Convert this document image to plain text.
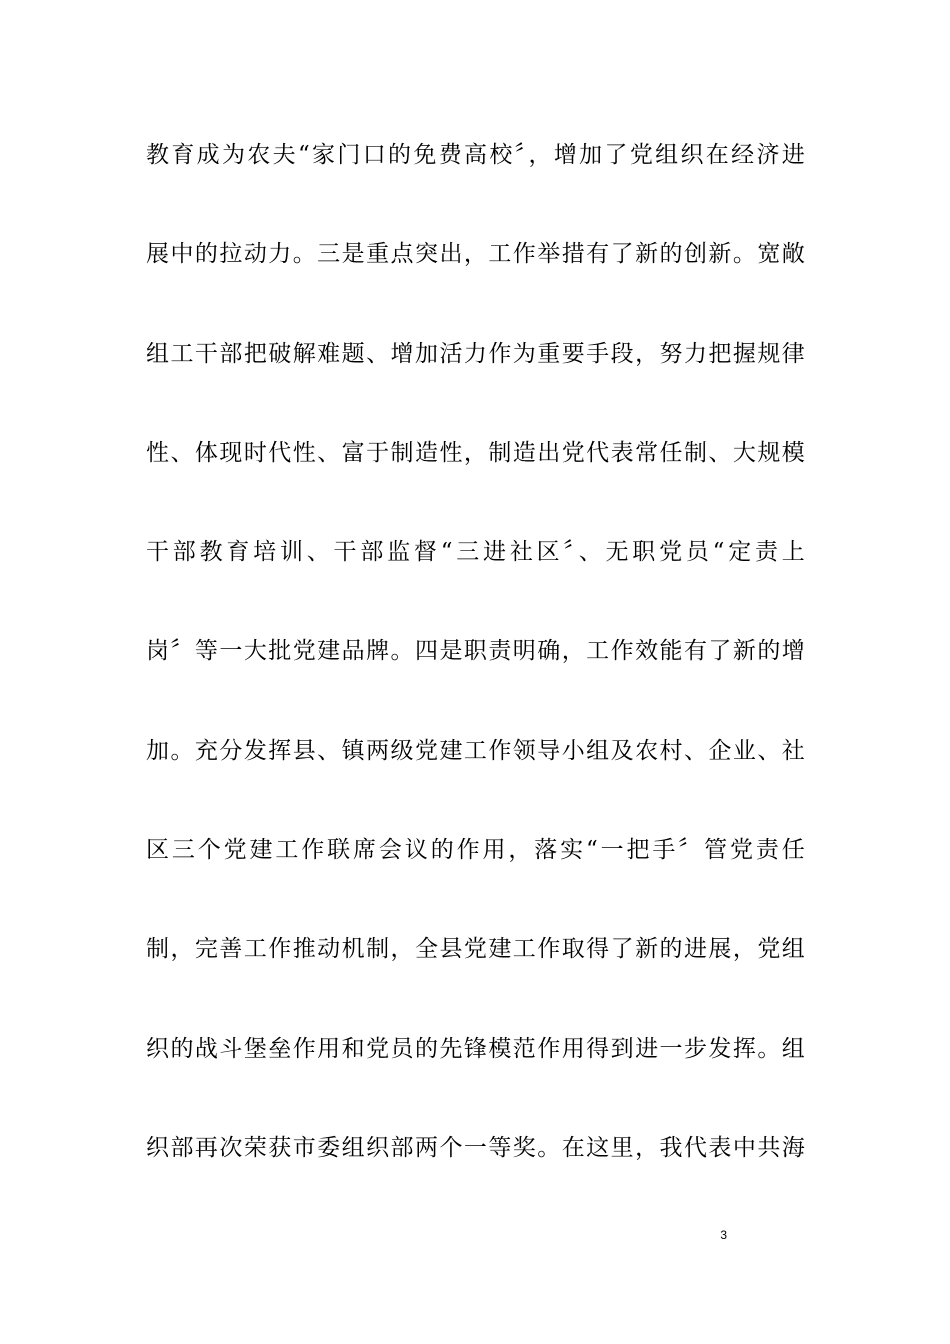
教育成为农夫“家门口的免费高校〞，增加了党组织在经济进
展中的拉动力。三是重点突出，工作举措有了新的创新。宽敞
组工干部把破解难题、增加活力作为重要手段，努力把握规律
性、体现时代性、富于制造性，制造出党代表常任制、大规模
干部教育培训、干部监督“三进社区〞、无职党员“定责上
岗〞等一大批党建品牌。四是职责明确，工作效能有了新的增
加。充分发挥县、镇两级党建工作领导小组及农村、企业、社
区三个党建工作联席会议的作用，落实“一把手〞管党责任
制，完善工作推动机制，全县党建工作取得了新的进展，党组
织的战斗堡垒作用和党员的先锋模范作用得到进一步发挥。组
织部再次荣获市委组织部两个一等奖。在这里，我代表中共海
3
